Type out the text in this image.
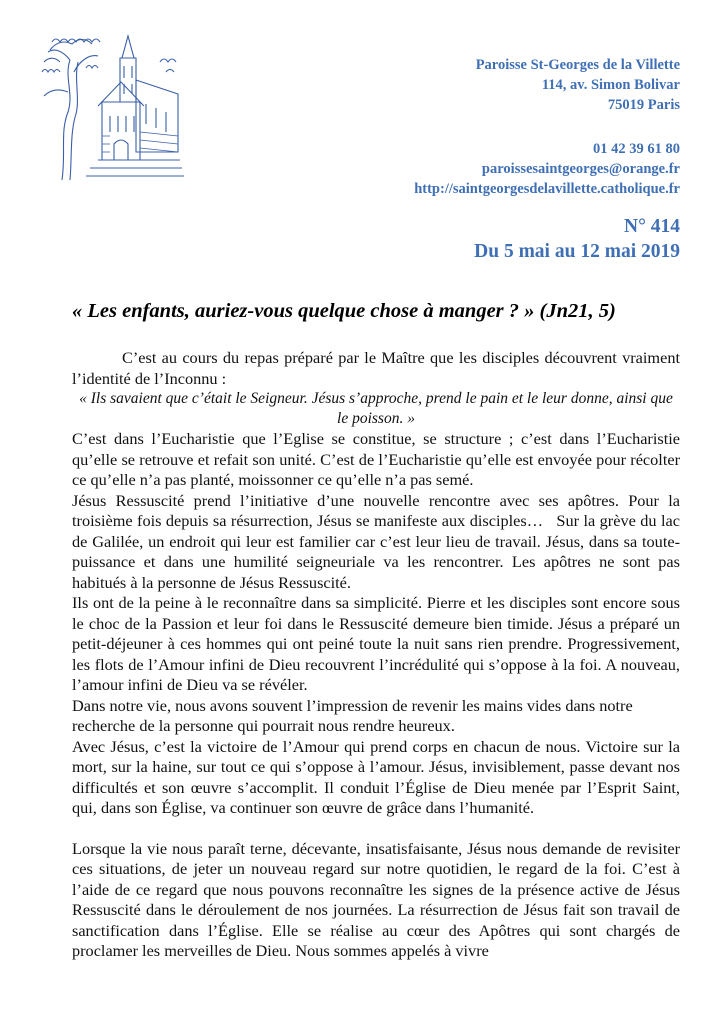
Paroisse St-Georges de la Villette
114, av. Simon Bolivar
75019 Paris
01 42 39 61 80
paroissesaintgeorges@orange.fr
http://saintgeorgesdelavillette.catholique.fr
N° 414
Du 5 mai au 12 mai 2019
« Les enfants, auriez-vous quelque chose à manger ? » (Jn21, 5)

C’est au cours du repas préparé par le Maître que les disciples découvrent vraiment l’identité de l’Inconnu :

« Ils savaient que c’était le Seigneur. Jésus s’approche, prend le pain et le leur donne, ainsi que le poisson. »

C’est dans l’Eucharistie que l’Eglise se constitue, se structure ; c’est dans l’Eucharistie qu’elle se retrouve et refait son unité. C’est de l’Eucharistie qu’elle est envoyée pour récolter ce qu’elle n’a pas planté, moissonner ce qu’elle n’a pas semé.

Jésus Ressuscité prend l’initiative d’une nouvelle rencontre avec ses apôtres. Pour la troisième fois depuis sa résurrection, Jésus se manifeste aux disciples… Sur la grève du lac de Galilée, un endroit qui leur est familier car c’est leur lieu de travail. Jésus, dans sa toute-puissance et dans une humilité seigneuriale va les rencontrer. Les apôtres ne sont pas habitués à la personne de Jésus Ressuscité.

Ils ont de la peine à le reconnaître dans sa simplicité. Pierre et les disciples sont encore sous le choc de la Passion et leur foi dans le Ressuscité demeure bien timide. Jésus a préparé un petit-déjeuner à ces hommes qui ont peiné toute la nuit sans rien prendre. Progressivement, les flots de l’Amour infini de Dieu recouvrent l’incrédulité qui s’oppose à la foi. A nouveau, l’amour infini de Dieu va se révéler.

Dans notre vie, nous avons souvent l’impression de revenir les mains vides dans notre recherche de la personne qui pourrait nous rendre heureux.

Avec Jésus, c’est la victoire de l’Amour qui prend corps en chacun de nous. Victoire sur la mort, sur la haine, sur tout ce qui s’oppose à l’amour. Jésus, invisiblement, passe devant nos difficultés et son œuvre s’accomplit. Il conduit l’Église de Dieu menée par l’Esprit Saint, qui, dans son Église, va continuer son œuvre de grâce dans l’humanité.

Lorsque la vie nous paraît terne, décevante, insatisfaisante, Jésus nous demande de revisiter ces situations, de jeter un nouveau regard sur notre quotidien, le regard de la foi. C’est à l’aide de ce regard que nous pouvons reconnaître les signes de la présence active de Jésus Ressuscité dans le déroulement de nos journées. La résurrection de Jésus fait son travail de sanctification dans l’Église. Elle se réalise au cœur des Apôtres qui sont chargés de proclamer les merveilles de Dieu. Nous sommes appelés à vivre
